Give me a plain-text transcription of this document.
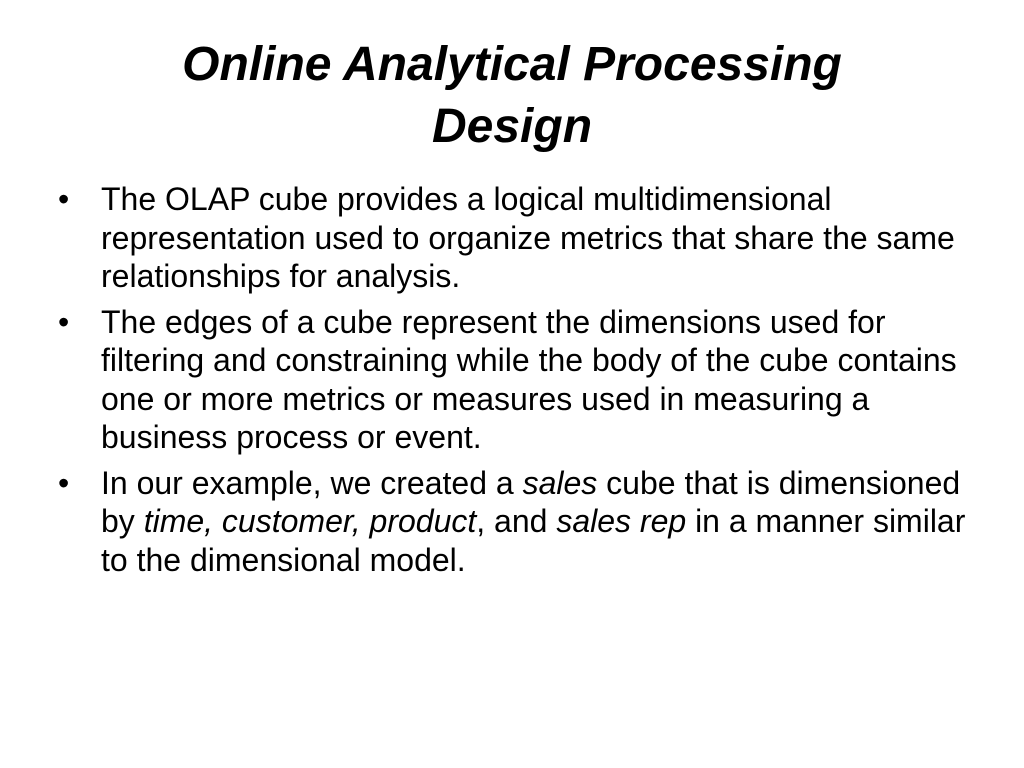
Online Analytical Processing
Design
• The OLAP cube provides a logical multidimensional representation used to organize metrics that share the same relationships for analysis.
• The edges of a cube represent the dimensions used for filtering and constraining while the body of the cube contains one or more metrics or measures used in measuring a business process or event.
• In our example, we created a sales cube that is dimensioned by time, customer, product, and sales rep in a manner similar to the dimensional model.
